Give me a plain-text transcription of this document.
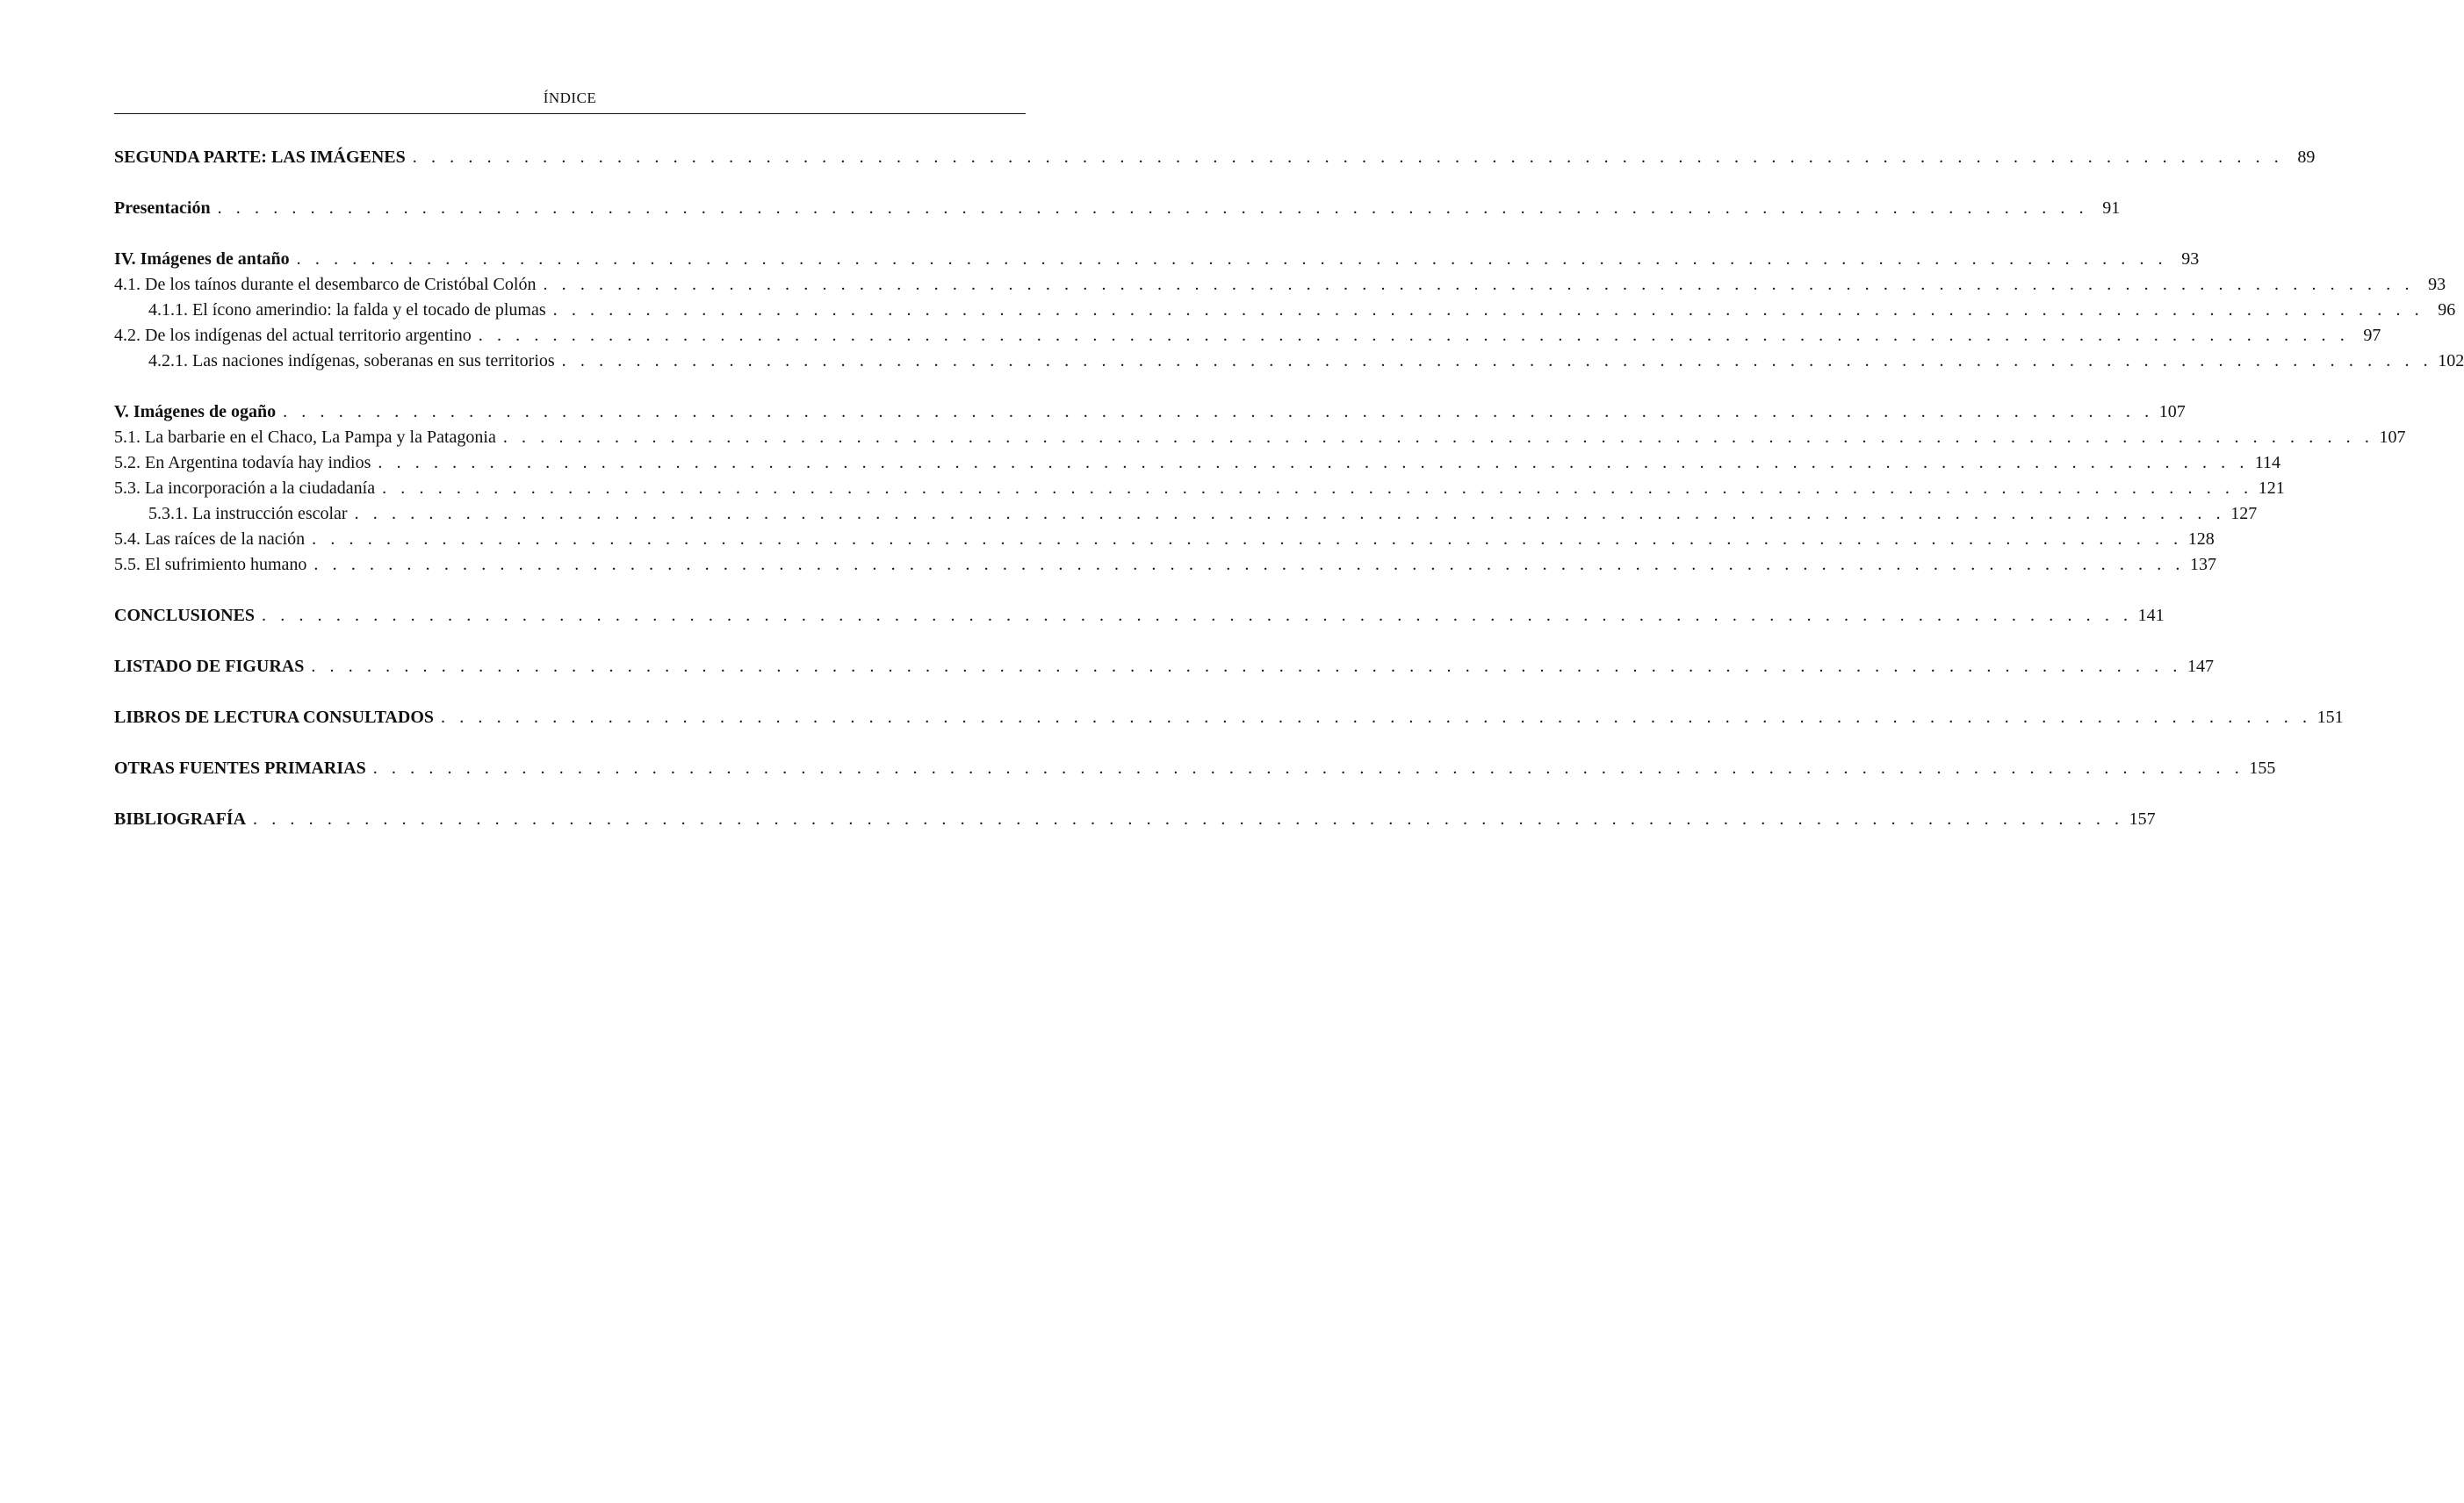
ÍNDICE
SEGUNDA PARTE: LAS IMÁGENES . . . . . . . . . . . . . . . . . . . . . . . . . . . . . . . . . . . . . . . . . . . . . . . . . . . . . . . . . . . . . . . . . . . . . . . . . . . . . . . . . . . . . . . . . . . . . . . . . . . . . 89
Presentación . . . . . . . . . . . . . . . . . . . . . . . . . . . . . . . . . . . . . . . . . . . . . . . . . . . . . . . . . . . . . . . . . . . . . . . . . . . . . . . . . . . . . . . . . . . . . . . . . . . . . 91
IV. Imágenes de antaño . . . . . . . . . . . . . . . . . . . . . . . . . . . . . . . . . . . . . . . . . . . . . . . . . . . . . . . . . . . . . . . . . . . . . . . . . . . . . . . . . . . . . . . . . . . . . . . . . . . . . 93
4.1. De los taínos durante el desembarco de Cristóbal Colón . . . . . . . . . . . . . . . . . . . . . . . . . . . . . . . . . . . . . . . . . . . . . . . . . . . . . . . . . . . . . . . . . . . . . . . . . . . . . . . . . . . . . . . . . . . . . . . . . . . . . 93
4.1.1. El ícono amerindio: la falda y el tocado de plumas . . . . . . . . . . . . . . . . . . . . . . . . . . . . . . . . . . . . . . . . . . . . . . . . . . . . . . . . . . . . . . . . . . . . . . . . . . . . . . . . . . . . . . . . . . . . . . . . . . . . . 96
4.2. De los indígenas del actual territorio argentino . . . . . . . . . . . . . . . . . . . . . . . . . . . . . . . . . . . . . . . . . . . . . . . . . . . . . . . . . . . . . . . . . . . . . . . . . . . . . . . . . . . . . . . . . . . . . . . . . . . . . 97
4.2.1. Las naciones indígenas, soberanas en sus territorios . . . . . . . . . . . . . . . . . . . . . . . . . . . . . . . . . . . . . . . . . . . . . . . . . . . . . . . . . . . . . . . . . . . . . . . . . . . . . . . . . . . . . . . . . . . . . . . . . . . . . 102
V. Imágenes de ogaño . . . . . . . . . . . . . . . . . . . . . . . . . . . . . . . . . . . . . . . . . . . . . . . . . . . . . . . . . . . . . . . . . . . . . . . . . . . . . . . . . . . . . . . . . . . . . . . . . . . . . 107
5.1. La barbarie en el Chaco, La Pampa y la Patagonia . . . . . . . . . . . . . . . . . . . . . . . . . . . . . . . . . . . . . . . . . . . . . . . . . . . . . . . . . . . . . . . . . . . . . . . . . . . . . . . . . . . . . . . . . . . . . . . . . . . . . 107
5.2. En Argentina todavía hay indios . . . . . . . . . . . . . . . . . . . . . . . . . . . . . . . . . . . . . . . . . . . . . . . . . . . . . . . . . . . . . . . . . . . . . . . . . . . . . . . . . . . . . . . . . . . . . . . . . . . . . 114
5.3. La incorporación a la ciudadanía . . . . . . . . . . . . . . . . . . . . . . . . . . . . . . . . . . . . . . . . . . . . . . . . . . . . . . . . . . . . . . . . . . . . . . . . . . . . . . . . . . . . . . . . . . . . . . . . . . . . . 121
5.3.1. La instrucción escolar . . . . . . . . . . . . . . . . . . . . . . . . . . . . . . . . . . . . . . . . . . . . . . . . . . . . . . . . . . . . . . . . . . . . . . . . . . . . . . . . . . . . . . . . . . . . . . . . . . . . . 127
5.4. Las raíces de la nación . . . . . . . . . . . . . . . . . . . . . . . . . . . . . . . . . . . . . . . . . . . . . . . . . . . . . . . . . . . . . . . . . . . . . . . . . . . . . . . . . . . . . . . . . . . . . . . . . . . . . 128
5.5. El sufrimiento humano . . . . . . . . . . . . . . . . . . . . . . . . . . . . . . . . . . . . . . . . . . . . . . . . . . . . . . . . . . . . . . . . . . . . . . . . . . . . . . . . . . . . . . . . . . . . . . . . . . . . . 137
CONCLUSIONES . . . . . . . . . . . . . . . . . . . . . . . . . . . . . . . . . . . . . . . . . . . . . . . . . . . . . . . . . . . . . . . . . . . . . . . . . . . . . . . . . . . . . . . . . . . . . . . . . . . . . 141
LISTADO DE FIGURAS . . . . . . . . . . . . . . . . . . . . . . . . . . . . . . . . . . . . . . . . . . . . . . . . . . . . . . . . . . . . . . . . . . . . . . . . . . . . . . . . . . . . . . . . . . . . . . . . . . . . . 147
LIBROS DE LECTURA CONSULTADOS . . . . . . . . . . . . . . . . . . . . . . . . . . . . . . . . . . . . . . . . . . . . . . . . . . . . . . . . . . . . . . . . . . . . . . . . . . . . . . . . . . . . . . . . . . . . . . . . . . . . . 151
OTRAS FUENTES PRIMARIAS . . . . . . . . . . . . . . . . . . . . . . . . . . . . . . . . . . . . . . . . . . . . . . . . . . . . . . . . . . . . . . . . . . . . . . . . . . . . . . . . . . . . . . . . . . . . . . . . . . . . . 155
BIBLIOGRAFÍA . . . . . . . . . . . . . . . . . . . . . . . . . . . . . . . . . . . . . . . . . . . . . . . . . . . . . . . . . . . . . . . . . . . . . . . . . . . . . . . . . . . . . . . . . . . . . . . . . . . . . 157
